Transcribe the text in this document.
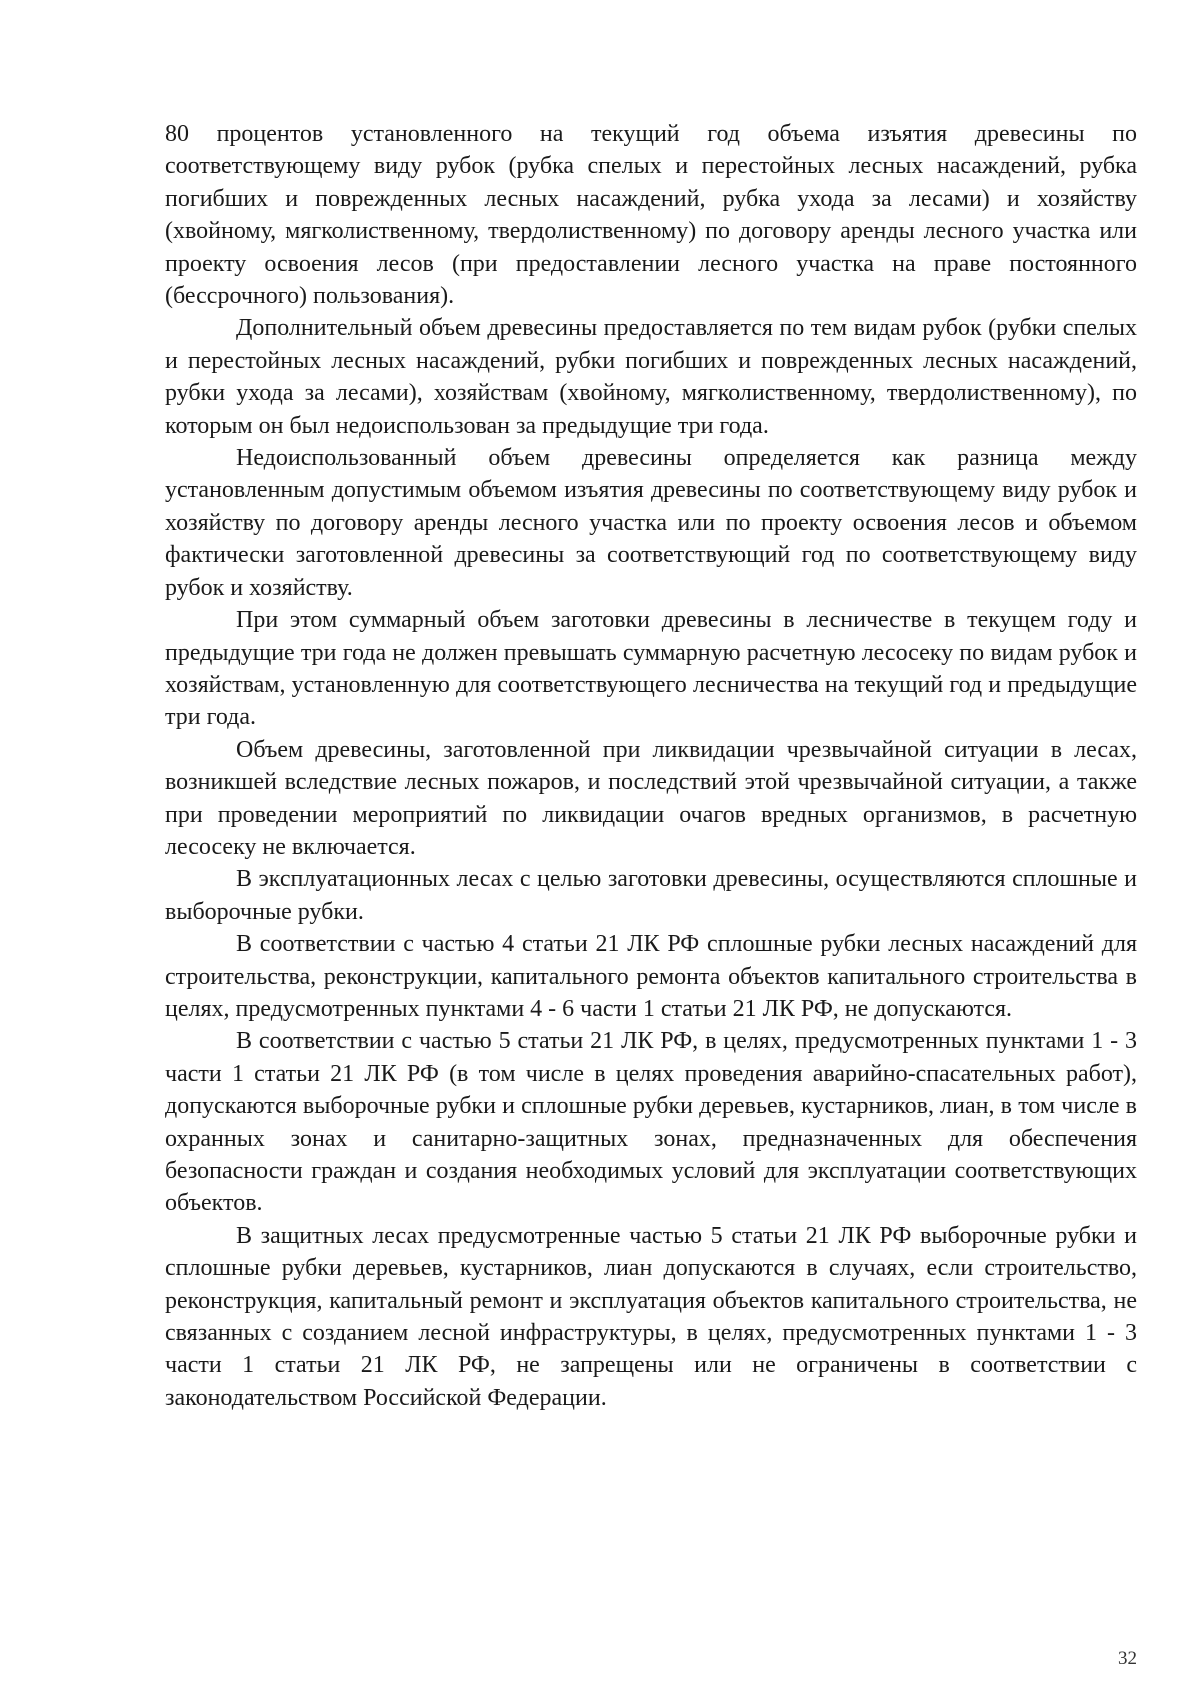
80 процентов установленного на текущий год объема изъятия древесины по соответствующему виду рубок (рубка спелых и перестойных лесных насаждений, рубка погибших и поврежденных лесных насаждений, рубка ухода за лесами) и хозяйству (хвойному, мягколиственному, твердолиственному) по договору аренды лесного участка или проекту освоения лесов (при предоставлении лесного участка на праве постоянного (бессрочного) пользования).

Дополнительный объем древесины предоставляется по тем видам рубок (рубки спелых и перестойных лесных насаждений, рубки погибших и поврежденных лесных насаждений, рубки ухода за лесами), хозяйствам (хвойному, мягколиственному, твердолиственному), по которым он был недоиспользован за предыдущие три года.

Недоиспользованный объем древесины определяется как разница между установленным допустимым объемом изъятия древесины по соответствующему виду рубок и хозяйству по договору аренды лесного участка или по проекту освоения лесов и объемом фактически заготовленной древесины за соответствующий год по соответствующему виду рубок и хозяйству.

При этом суммарный объем заготовки древесины в лесничестве в текущем году и предыдущие три года не должен превышать суммарную расчетную лесосеку по видам рубок и хозяйствам, установленную для соответствующего лесничества на текущий год и предыдущие три года.

Объем древесины, заготовленной при ликвидации чрезвычайной ситуации в лесах, возникшей вследствие лесных пожаров, и последствий этой чрезвычайной ситуации, а также при проведении мероприятий по ликвидации очагов вредных организмов, в расчетную лесосеку не включается.

В эксплуатационных лесах с целью заготовки древесины, осуществляются сплошные и выборочные рубки.

В соответствии с частью 4 статьи 21 ЛК РФ сплошные рубки лесных насаждений для строительства, реконструкции, капитального ремонта объектов капитального строительства в целях, предусмотренных пунктами 4 - 6 части 1 статьи 21 ЛК РФ, не допускаются.

В соответствии с частью 5 статьи 21 ЛК РФ, в целях, предусмотренных пунктами 1 - 3 части 1 статьи 21 ЛК РФ (в том числе в целях проведения аварийно-спасательных работ), допускаются выборочные рубки и сплошные рубки деревьев, кустарников, лиан, в том числе в охранных зонах и санитарно-защитных зонах, предназначенных для обеспечения безопасности граждан и создания необходимых условий для эксплуатации соответствующих объектов.

В защитных лесах предусмотренные частью 5 статьи 21 ЛК РФ выборочные рубки и сплошные рубки деревьев, кустарников, лиан допускаются в случаях, если строительство, реконструкция, капитальный ремонт и эксплуатация объектов капитального строительства, не связанных с созданием лесной инфраструктуры, в целях, предусмотренных пунктами 1 - 3 части 1 статьи 21 ЛК РФ, не запрещены или не ограничены в соответствии с законодательством Российской Федерации.

32
